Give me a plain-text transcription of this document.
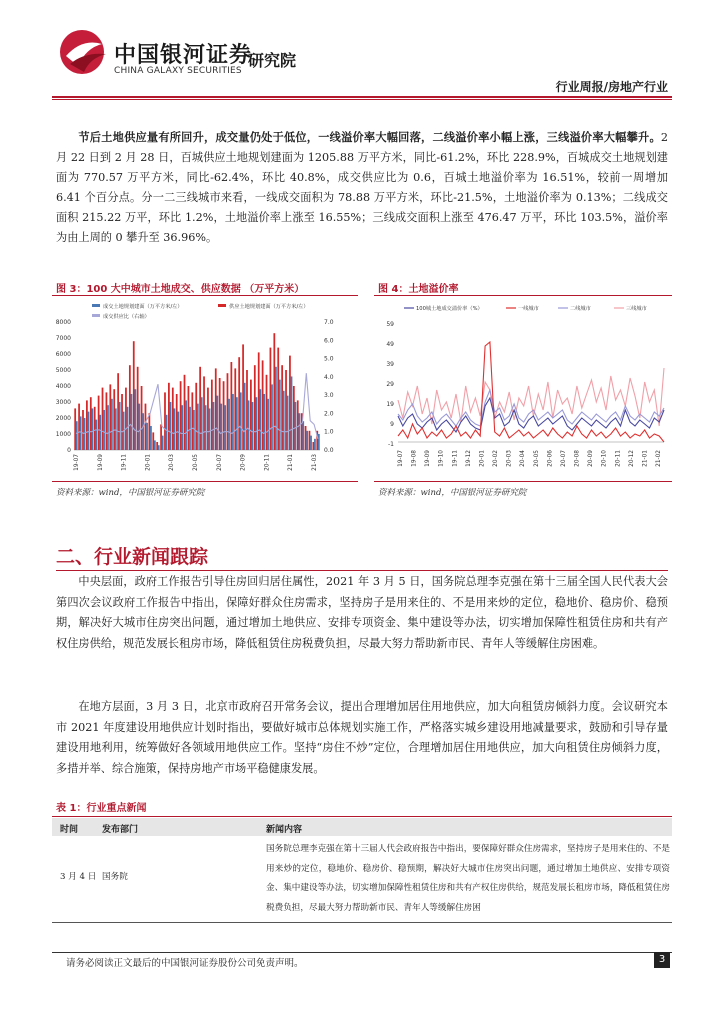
中国银河证券
CHINA GALAXY SECURITIES
研究院
行业周报/房地产行业
节后土地供应量有所回升，成交量仍处于低位，一线溢价率大幅回落，二线溢价率小幅上涨，三线溢价率大幅攀升。2 月 22 日到 2 月 28 日，百城供应土地规划建面为 1205.88 万平方米，同比-61.2%，环比 228.9%，百城成交土地规划建面为 770.57 万平方米，同比-62.4%，环比 40.8%，成交供应比为 0.6，百城土地溢价率为 16.51%，较前一周增加 6.41 个百分点。分一二三线城市来看，一线成交面积为 78.88 万平方米，环比-21.5%，土地溢价率为 0.13%；二线成交面积 215.22 万平，环比 1.2%，土地溢价率上涨至 16.55%；三线成交面积上涨至 476.47 万平，环比 103.5%，溢价率为由上周的 0 攀升至 36.96%。
图 3：100 大中城市土地成交、供应数据 （万平方米）
成交土地规划建面（万平方米/左）	供应土地规划建面（万平方米/左）
成交供应比（右轴）
8000
7000
6000
5000
4000
3000
2000
1000
0
7.0
6.0
5.0
4.0
3.0
2.0
1.0
0.0
19-07	19-09	19-11	20-01	20-03	20-05	20-07	20-09	20-11	21-01	21-03
资料来源：wind，中国银河证券研究院
图 4：土地溢价率
100城土地成交溢价率（%）	一线城市	二线城市	三线城市
59
49
39
29
19
9
-1
19-07 19-08 19-09 19-10 19-11 19-12 20-01 20-02 20-03 20-04 20-05 20-06 20-07 20-08 20-09 20-10 20-11 20-12 21-01 21-02
资料来源：wind，中国银河证券研究院
二、行业新闻跟踪
中央层面，政府工作报告引导住房回归居住属性，2021 年 3 月 5 日，国务院总理李克强在第十三届全国人民代表大会第四次会议政府工作报告中指出，保障好群众住房需求，坚持房子是用来住的、不是用来炒的定位，稳地价、稳房价、稳预期，解决好大城市住房突出问题，通过增加土地供应、安排专项资金、集中建设等办法，切实增加保障性租赁住房和共有产权住房供给，规范发展长租房市场，降低租赁住房税费负担，尽最大努力帮助新市民、青年人等缓解住房困难。
在地方层面，3 月 3 日，北京市政府召开常务会议，提出合理增加居住用地供应，加大向租赁房倾斜力度。会议研究本市 2021 年度建设用地供应计划时指出，要做好城市总体规划实施工作，严格落实城乡建设用地减量要求，鼓励和引导存量建设用地利用，统筹做好各领域用地供应工作。坚持“房住不炒”定位，合理增加居住用地供应，加大向租赁住房倾斜力度，多措并举、综合施策，保持房地产市场平稳健康发展。
表 1：行业重点新闻
时间	发布部门	新闻内容
3 月 4 日 国务院
国务院总理李克强在第十三届人代会政府报告中指出，要保障好群众住房需求，坚持房子是用来住的、不是用来炒的定位，稳地价、稳房价、稳预期，解决好大城市住房突出问题，通过增加土地供应、安排专项资金、集中建设等办法，切实增加保障性租赁住房和共有产权住房供给，规范发展长租房市场，降低租赁住房税费负担，尽最大努力帮助新市民、青年人等缓解住房困
请务必阅读正文最后的中国银河证券股份公司免责声明。	3
